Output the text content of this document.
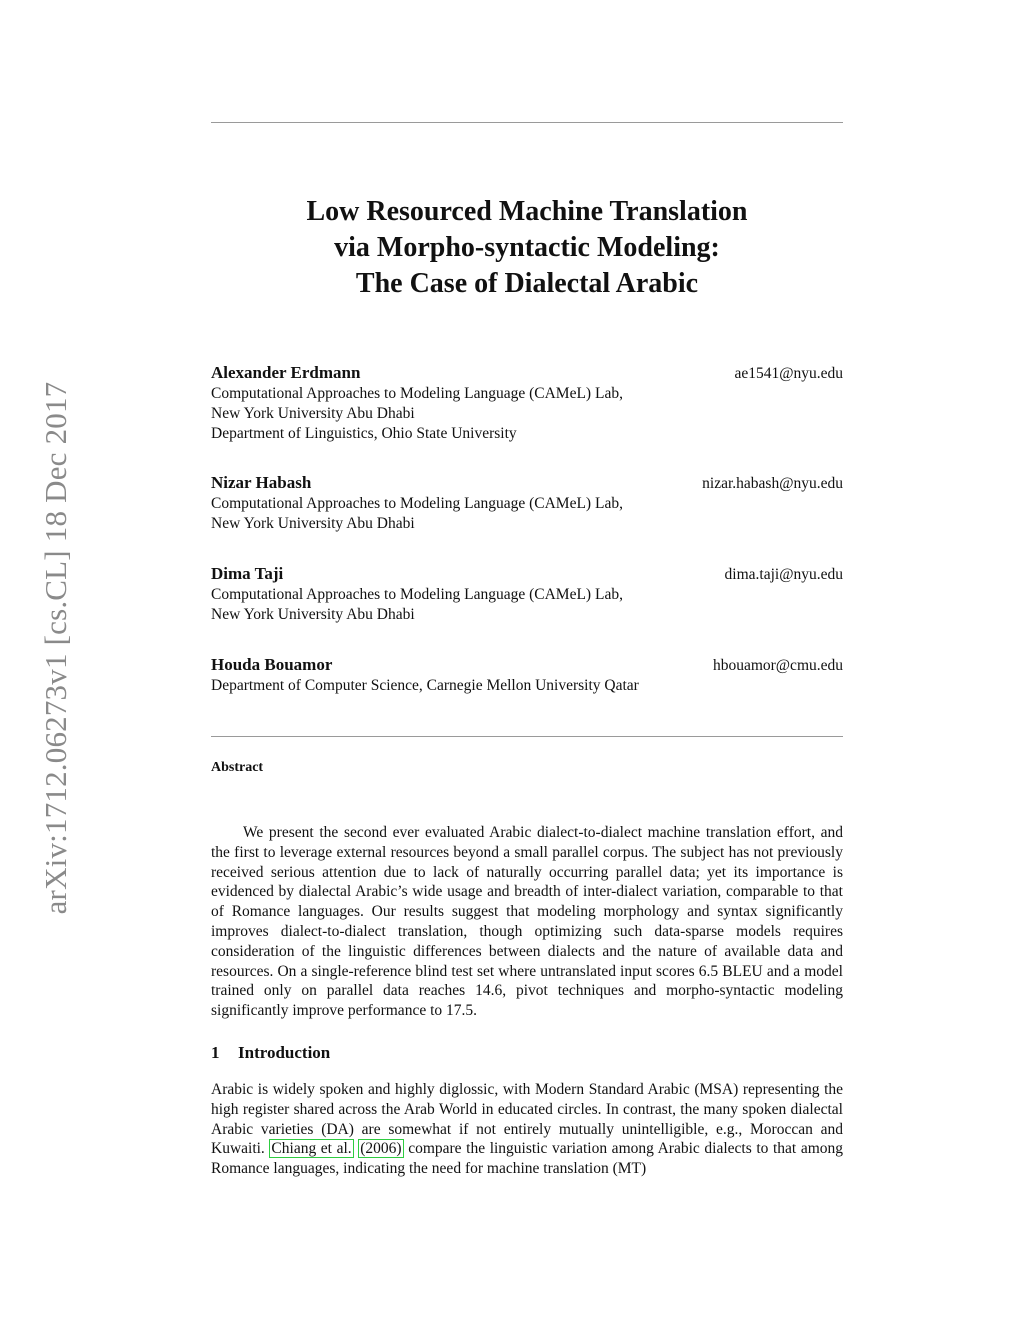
arXiv:1712.06273v1 [cs.CL] 18 Dec 2017
Low Resourced Machine Translation
via Morpho-syntactic Modeling:
The Case of Dialectal Arabic
Alexander Erdmann	ae1541@nyu.edu
Computational Approaches to Modeling Language (CAMeL) Lab,
New York University Abu Dhabi
Department of Linguistics, Ohio State University
Nizar Habash	nizar.habash@nyu.edu
Computational Approaches to Modeling Language (CAMeL) Lab,
New York University Abu Dhabi
Dima Taji	dima.taji@nyu.edu
Computational Approaches to Modeling Language (CAMeL) Lab,
New York University Abu Dhabi
Houda Bouamor	hbouamor@cmu.edu
Department of Computer Science, Carnegie Mellon University Qatar
Abstract
We present the second ever evaluated Arabic dialect-to-dialect machine translation effort, and the first to leverage external resources beyond a small parallel corpus. The subject has not previously received serious attention due to lack of naturally occurring parallel data; yet its importance is evidenced by dialectal Arabic’s wide usage and breadth of inter-dialect variation, comparable to that of Romance languages. Our results suggest that modeling morphology and syntax significantly improves dialect-to-dialect translation, though optimizing such data-sparse models requires consideration of the linguistic differences between dialects and the nature of available data and resources. On a single-reference blind test set where untranslated input scores 6.5 BLEU and a model trained only on parallel data reaches 14.6, pivot techniques and morpho-syntactic modeling significantly improve performance to 17.5.
1 Introduction
Arabic is widely spoken and highly diglossic, with Modern Standard Arabic (MSA) representing the high register shared across the Arab World in educated circles. In contrast, the many spoken dialectal Arabic varieties (DA) are somewhat if not entirely mutually unintelligible, e.g., Moroccan and Kuwaiti. Chiang et al. (2006) compare the linguistic variation among Arabic dialects to that among Romance languages, indicating the need for machine translation (MT)
